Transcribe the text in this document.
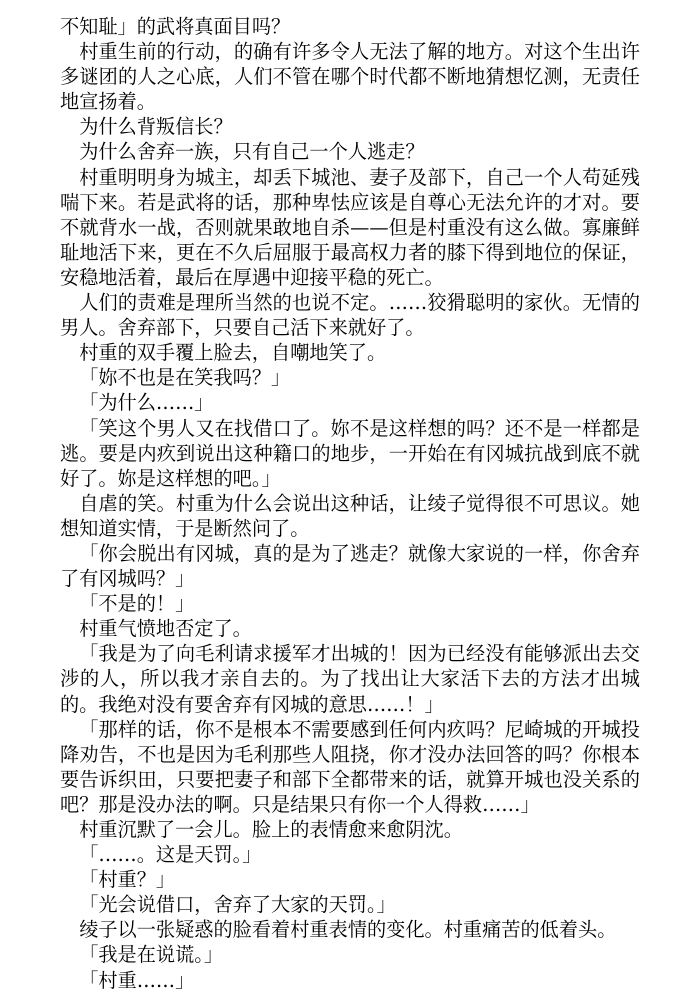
不知耻」的武将真面目吗？

村重生前的行动，的确有许多令人无法了解的地方。对这个生出许多谜团的人之心底，人们不管在哪个时代都不断地猜想忆测，无责任地宣扬着。

为什么背叛信长？

为什么舍弃一族，只有自己一个人逃走？

村重明明身为城主，却丢下城池、妻子及部下，自己一个人苟延残喘下来。若是武将的话，那种卑怯应该是自尊心无法允许的才对。要不就背水一战，否则就果敢地自杀——但是村重没有这么做。寡廉鲜耻地活下来，更在不久后屈服于最高权力者的膝下得到地位的保证，安稳地活着，最后在厚遇中迎接平稳的死亡。

人们的责难是理所当然的也说不定。……狡猾聪明的家伙。无情的男人。舍弃部下，只要自己活下来就好了。

村重的双手覆上脸去，自嘲地笑了。

「妳不也是在笑我吗？」

「为什么……」

「笑这个男人又在找借口了。妳不是这样想的吗？还不是一样都是逃。要是内疚到说出这种籍口的地步，一开始在有冈城抗战到底不就好了。妳是这样想的吧。」

自虐的笑。村重为什么会说出这种话，让绫子觉得很不可思议。她想知道实情，于是断然问了。

「你会脱出有冈城，真的是为了逃走？就像大家说的一样，你舍弃了有冈城吗？」

「不是的！」

村重气愤地否定了。

「我是为了向毛利请求援军才出城的！因为已经没有能够派出去交涉的人，所以我才亲自去的。为了找出让大家活下去的方法才出城的。我绝对没有要舍弃有冈城的意思……！」

「那样的话，你不是根本不需要感到任何内疚吗？尼崎城的开城投降劝告，不也是因为毛利那些人阻挠，你才没办法回答的吗？你根本要告诉织田，只要把妻子和部下全都带来的话，就算开城也没关系的吧？那是没办法的啊。只是结果只有你一个人得救……」

村重沉默了一会儿。脸上的表情愈来愈阴沈。

「……。这是天罚。」

「村重？」

「光会说借口，舍弃了大家的天罚。」

绫子以一张疑惑的脸看着村重表情的变化。村重痛苦的低着头。

「我是在说谎。」

「村重……」
